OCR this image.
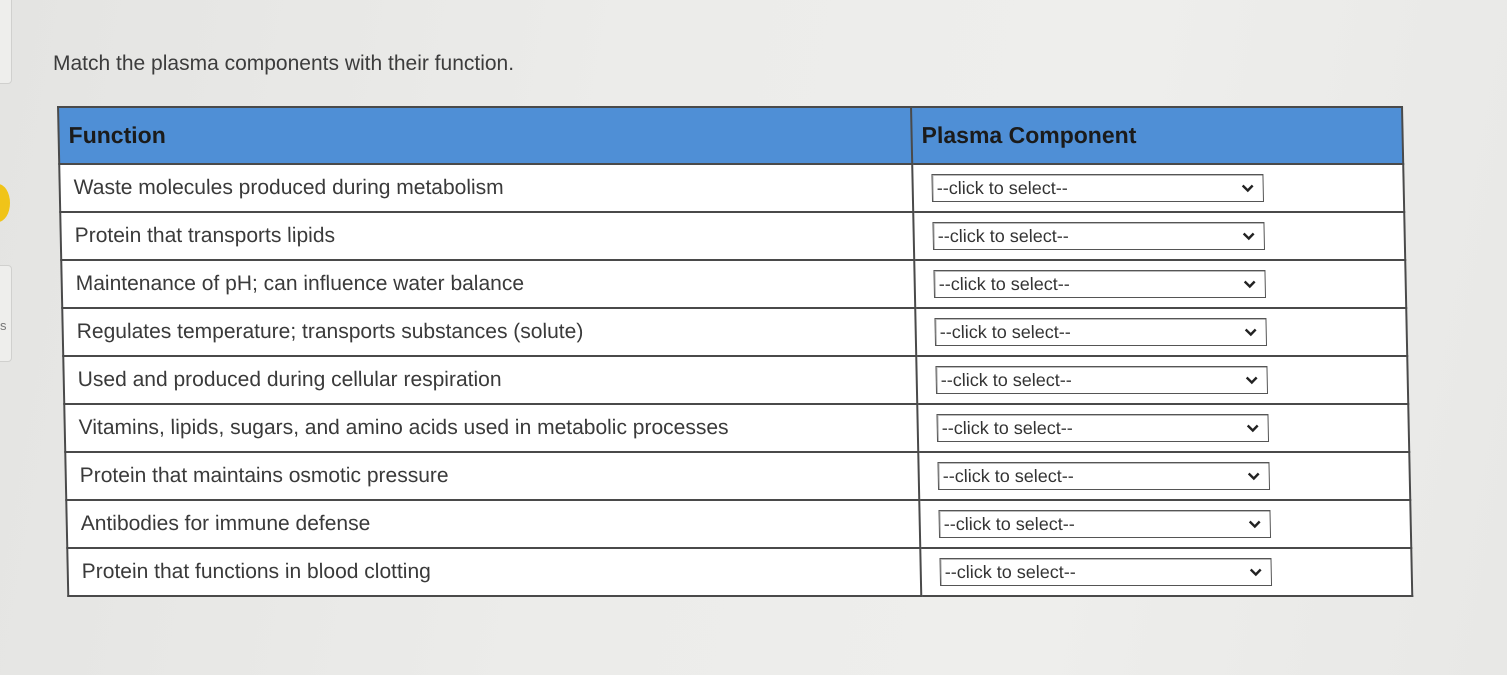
s
Match the plasma components with their function.
Function	Plasma Component
Waste molecules produced during metabolism	--click to select--

Protein that transports lipids	--click to select--

Maintenance of pH; can influence water balance	--click to select--

Regulates temperature; transports substances (solute)	--click to select--

Used and produced during cellular respiration	--click to select--

Vitamins, lipids, sugars, and amino acids used in metabolic processes	--click to select--

Protein that maintains osmotic pressure	--click to select--

Antibodies for immune defense	--click to select--

Protein that functions in blood clotting	--click to select--
